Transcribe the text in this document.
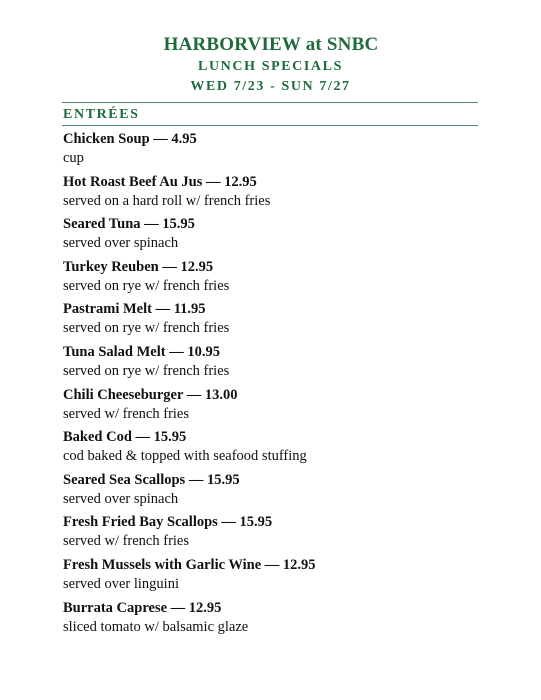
HARBORVIEW at SNBC
LUNCH SPECIALS
WED 7/23 - SUN 7/27
ENTRÉES
Chicken Soup — 4.95
cup
Hot Roast Beef Au Jus — 12.95
served on a hard roll w/ french fries
Seared Tuna — 15.95
served over spinach
Turkey Reuben — 12.95
served on rye w/ french fries
Pastrami Melt — 11.95
served on rye w/ french fries
Tuna Salad Melt — 10.95
served on rye w/ french fries
Chili Cheeseburger — 13.00
served w/ french fries
Baked Cod — 15.95
cod baked & topped with seafood stuffing
Seared Sea Scallops — 15.95
served over spinach
Fresh Fried Bay Scallops — 15.95
served w/ french fries
Fresh Mussels with Garlic Wine — 12.95
served over linguini
Burrata Caprese — 12.95
sliced tomato w/ balsamic glaze
